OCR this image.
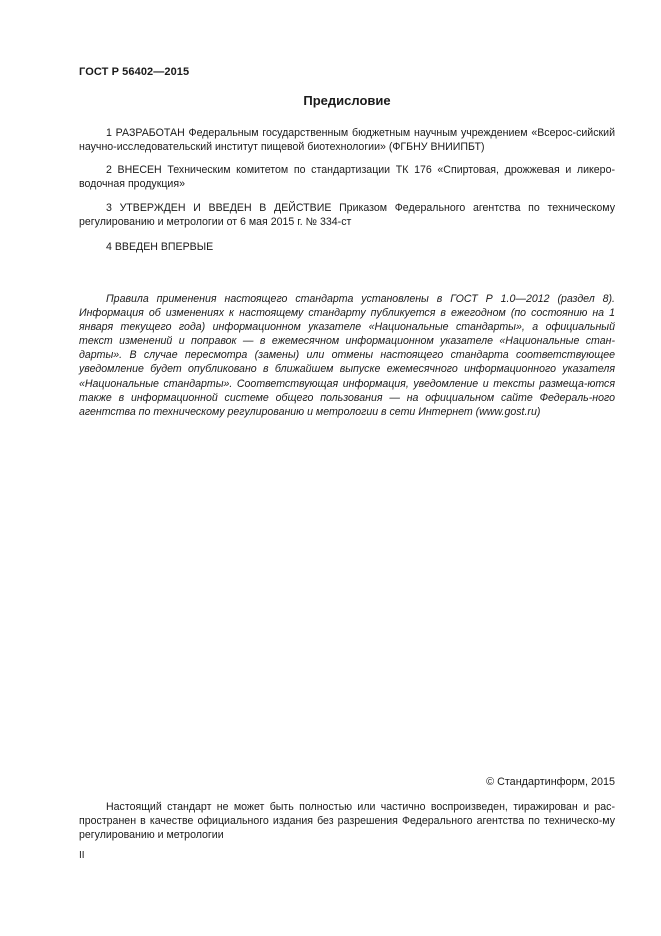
ГОСТ Р 56402—2015
Предисловие

1 РАЗРАБОТАН Федеральным государственным бюджетным научным учреждением «Всерос-сийский научно-исследовательский институт пищевой биотехнологии» (ФГБНУ ВНИИПБТ)

2 ВНЕСЕН Техническим комитетом по стандартизации ТК 176 «Спиртовая, дрожжевая и ликеро-водочная продукция»

3 УТВЕРЖДЕН И ВВЕДЕН В ДЕЙСТВИЕ Приказом Федерального агентства по техническому регулированию и метрологии от 6 мая 2015 г. № 334-ст

4 ВВЕДЕН ВПЕРВЫЕ

Правила применения настоящего стандарта установлены в ГОСТ Р 1.0—2012 (раздел 8). Информация об изменениях к настоящему стандарту публикуется в ежегодном (по состоянию на 1 января текущего года) информационном указателе «Национальные стандарты», а официальный текст изменений и поправок — в ежемесячном информационном указателе «Национальные стан-дарты». В случае пересмотра (замены) или отмены настоящего стандарта соответствующее уведомление будет опубликовано в ближайшем выпуске ежемесячного информационного указателя «Национальные стандарты». Соответствующая информация, уведомление и тексты размеща-ются также в информационной системе общего пользования — на официальном сайте Федераль-ного агентства по техническому регулированию и метрологии в сети Интернет (www.gost.ru)

© Стандартинформ, 2015

Настоящий стандарт не может быть полностью или частично воспроизведен, тиражирован и рас-пространен в качестве официального издания без разрешения Федерального агентства по техническо-му регулированию и метрологии

II
